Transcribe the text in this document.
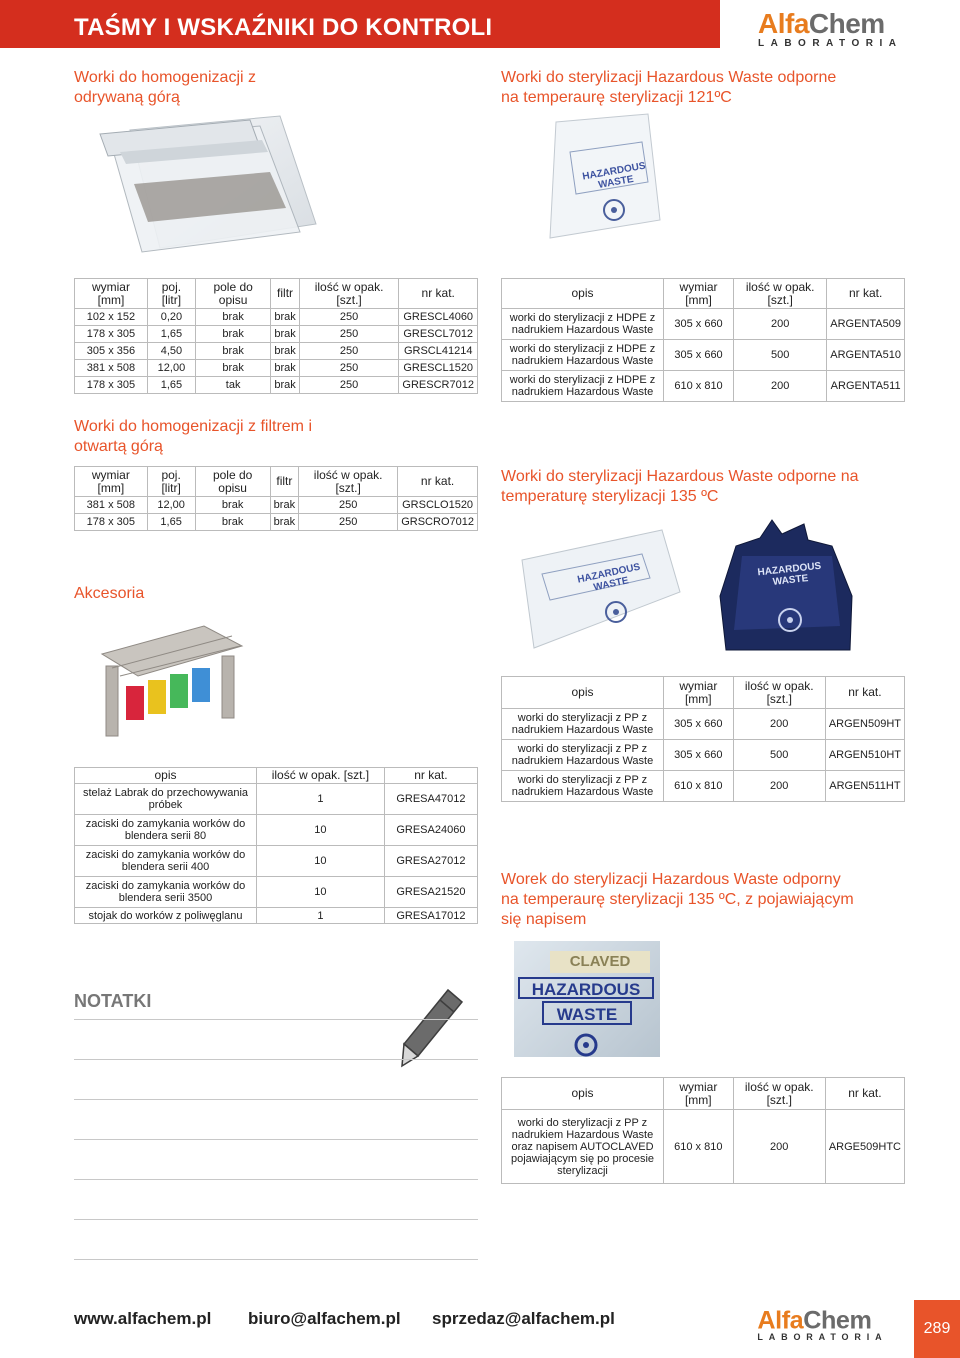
TAŚMY I WSKAŹNIKI DO KONTROLI	AlfaChem
LABORATORIA
Worki do homogenizacji z odrywaną górą
Worki do sterylizacji Hazardous Waste odporne na temperaurę sterylizacji 121ºC
HAZARDOUS WASTE
wymiar [mm]	poj. [litr]	pole do opisu	filtr	ilość w opak. [szt.]	nr kat.
102 x 152	0,20	brak	brak	250	GRESCL4060
178 x 305	1,65	brak	brak	250	GRESCL7012
305 x 356	4,50	brak	brak	250	GRSCL41214
381 x 508	12,00	brak	brak	250	GRESCL1520
178 x 305	1,65	tak	brak	250	GRESCR7012
opis	wymiar [mm]	ilość w opak. [szt.]	nr kat.
worki do sterylizacji z HDPE z nadrukiem Hazardous Waste	305 x 660	200	ARGENTA509
worki do sterylizacji z HDPE z nadrukiem Hazardous Waste	305 x 660	500	ARGENTA510
worki do sterylizacji z HDPE z nadrukiem Hazardous Waste	610 x 810	200	ARGENTA511
Worki do homogenizacji z filtrem i otwartą górą
wymiar [mm]	poj. [litr]	pole do opisu	filtr	ilość w opak. [szt.]	nr kat.
381 x 508	12,00	brak	brak	250	GRSCLO1520
178 x 305	1,65	brak	brak	250	GRSCRO7012
Worki do sterylizacji Hazardous Waste odporne na temperaturę sterylizacji 135 ºC
HAZARDOUS WASTE
HAZARDOUS WASTE
Akcesoria
opis	ilość w opak. [szt.]	nr kat.
stelaż Labrak do przechowywania próbek	1	GRESA47012
zaciski do zamykania worków do blendera serii 80	10	GRESA24060
zaciski do zamykania worków do blendera serii 400	10	GRESA27012
zaciski do zamykania worków do blendera serii 3500	10	GRESA21520
stojak do worków z poliwęglanu	1	GRESA17012
opis	wymiar [mm]	ilość w opak. [szt.]	nr kat.
worki do sterylizacji z PP z nadrukiem Hazardous Waste	305 x 660	200	ARGEN509HT
worki do sterylizacji z PP z nadrukiem Hazardous Waste	305 x 660	500	ARGEN510HT
worki do sterylizacji z PP z nadrukiem Hazardous Waste	610 x 810	200	ARGEN511HT
Worek do sterylizacji Hazardous Waste odporny na temperaurę sterylizacji 135 ºC, z pojawiającym się napisem
CLAVED
HAZARDOUS
WASTE
opis	wymiar [mm]	ilość w opak. [szt.]	nr kat.
worki do sterylizacji z PP z nadrukiem Hazardous Waste oraz napisem AUTOCLAVED pojawiającym się po procesie sterylizacji	610 x 810	200	ARGE509HTC
NOTATKI
www.alfachem.pl biuro@alfachem.pl sprzedaz@alfachem.pl	AlfaChem
LABORATORIA
289
